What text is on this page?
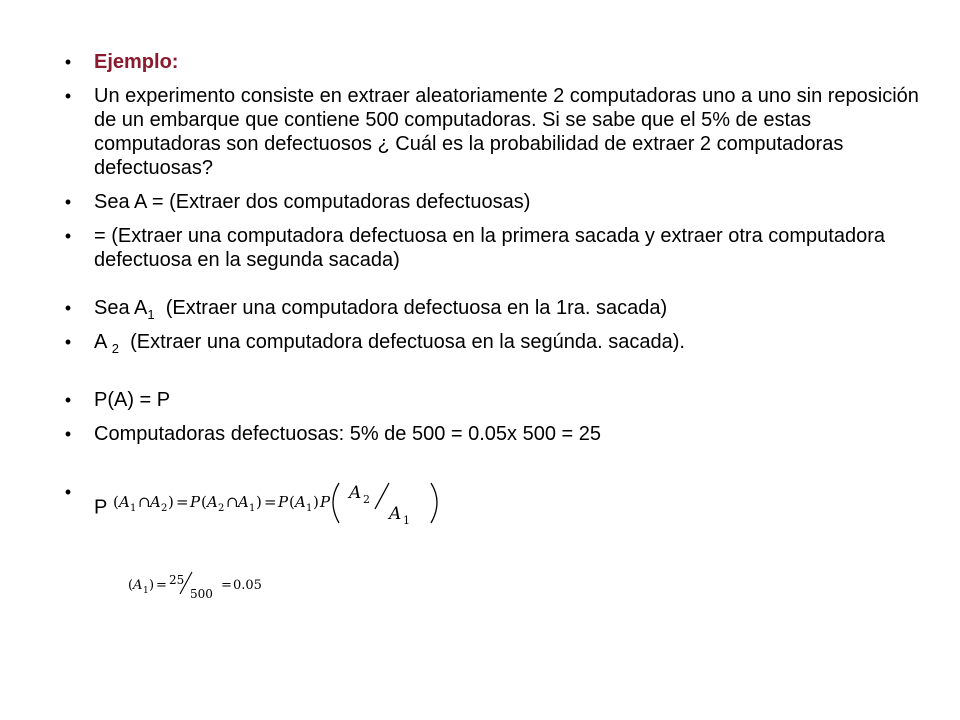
• Ejemplo:
• Un experimento consiste en extraer aleatoriamente 2 computadoras uno a uno sin reposición de un embarque que contiene 500 computadoras. Si se sabe que el 5% de estas computadoras son defectuosos ¿ Cuál es la probabilidad de extraer 2 computadoras defectuosas?
• Sea A = (Extraer dos computadoras defectuosas)
• = (Extraer una computadora defectuosa en la primera sacada y extraer otra computadora   defectuosa en la segunda sacada)
• Sea $A_1$  (Extraer una computadora defectuosa en la 1ra. sacada)
• A $_2$  (Extraer una computadora defectuosa en la segúnda. sacada).
• P(A) = P
• Computadoras defectuosas: 5% de 500 = 0.05x 500 = 25
•
P ( A 1 ∩ A 2 ) = P ( A 2 ∩ A 1 ) = P ( A 1 ) P A 2
A 1
( A 1 ) = 25
500
= 0.05
